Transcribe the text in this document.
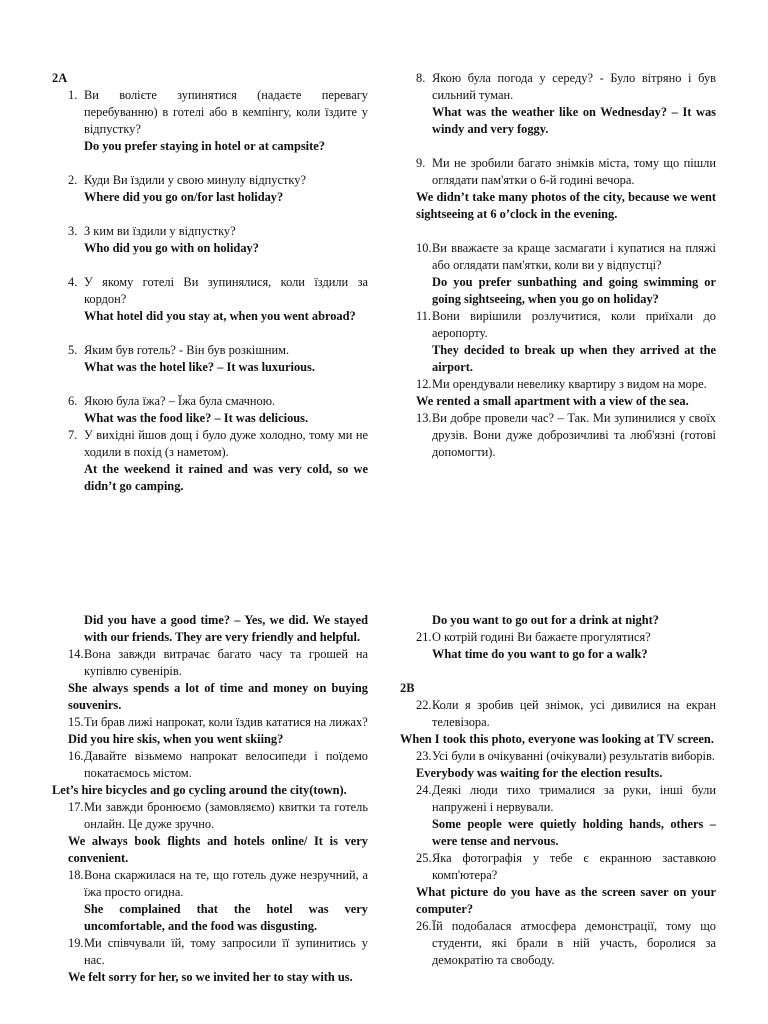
2A
1. Ви волієте зупинятися (надаєте перевагу перебуванню) в готелі або в кемпінгу, коли їздите у відпустку?
Do you prefer staying in hotel or at campsite?
2. Куди Ви їздили у свою минулу відпустку?
Where did you go on/for last holiday?
3. З ким ви їздили у відпустку?
Who did you go with on holiday?
4. У якому готелі Ви зупинялися, коли їздили за кордон?
What hotel did you stay at, when you went abroad?
5. Яким був готель? - Він був розкішним.
What was the hotel like? – It was luxurious.
6. Якою була їжа? – Їжа була смачною.
What was the food like? – It was delicious.
7. У вихідні йшов дощ і було дуже холодно, тому ми не ходили в похід (з наметом).
At the weekend it rained and was very cold, so we didn’t go camping.
8. Якою була погода у середу? - Було вітряно і був сильний туман.
What was the weather like on Wednesday? – It was windy and very foggy.
9. Ми не зробили багато знімків міста, тому що пішли оглядати пам'ятки о 6-й годині вечора.
We didn’t take many photos of the city, because we went sightseeing at 6 o’clock in the evening.
10. Ви вважаєте за краще засмагати і купатися на пляжі або оглядати пам'ятки, коли ви у відпустці?
Do you prefer sunbathing and going swimming or going sightseeing, when you go on holiday?
11. Вони вирішили розлучитися, коли приїхали до аеропорту.
They decided to break up when they arrived at the airport.
12. Ми орендували невелику квартиру з видом на море.
We rented a small apartment with a view of the sea.
13. Ви добре провели час? – Так. Ми зупинилися у своїх друзів. Вони дуже доброзичливі та люб'язні (готові допомогти).
Did you have a good time? – Yes, we did. We stayed with our friends. They are very friendly and helpful.
14. Вона завжди витрачає багато часу та грошей на купівлю сувенірів.
She always spends a lot of time and money on buying souvenirs.
15. Ти брав лижі напрокат, коли їздив кататися на лижах?
Did you hire skis, when you went skiing?
16. Давайте візьмемо напрокат велосипеди і поїдемо покатаємось містом.
Let’s hire bicycles and go cycling around the city(town).
17. Ми завжди бронюємо (замовляємо) квитки та готель онлайн. Це дуже зручно.
We always book flights and hotels online/ It is very convenient.
18. Вона скаржилася на те, що готель дуже незручний, а їжа просто огидна.
She complained that the hotel was very uncomfortable, and the food was disgusting.
19. Ми співчували їй, тому запросили її зупинитись у нас.
We felt sorry for her, so we invited her to stay with us.
Do you want to go out for a drink at night?
21. О котрій годині Ви бажаєте прогулятися?
What time do you want to go for a walk?
2B
22. Коли я зробив цей знімок, усі дивилися на екран телевізора.
When I took this photo, everyone was looking at TV screen.
23. Усі були в очікуванні (очікували) результатів виборів.
Everybody was waiting for the election results.
24. Деякі люди тихо трималися за руки, інші були напружені і нервували.
Some people were quietly holding hands, others – were tense and nervous.
25. Яка фотографія у тебе є екранною заставкою комп'ютера?
What picture do you have as the screen saver on your computer?
26. Їй подобалася атмосфера демонстрації, тому що студенти, які брали в ній участь, боролися за демократію та свободу.
